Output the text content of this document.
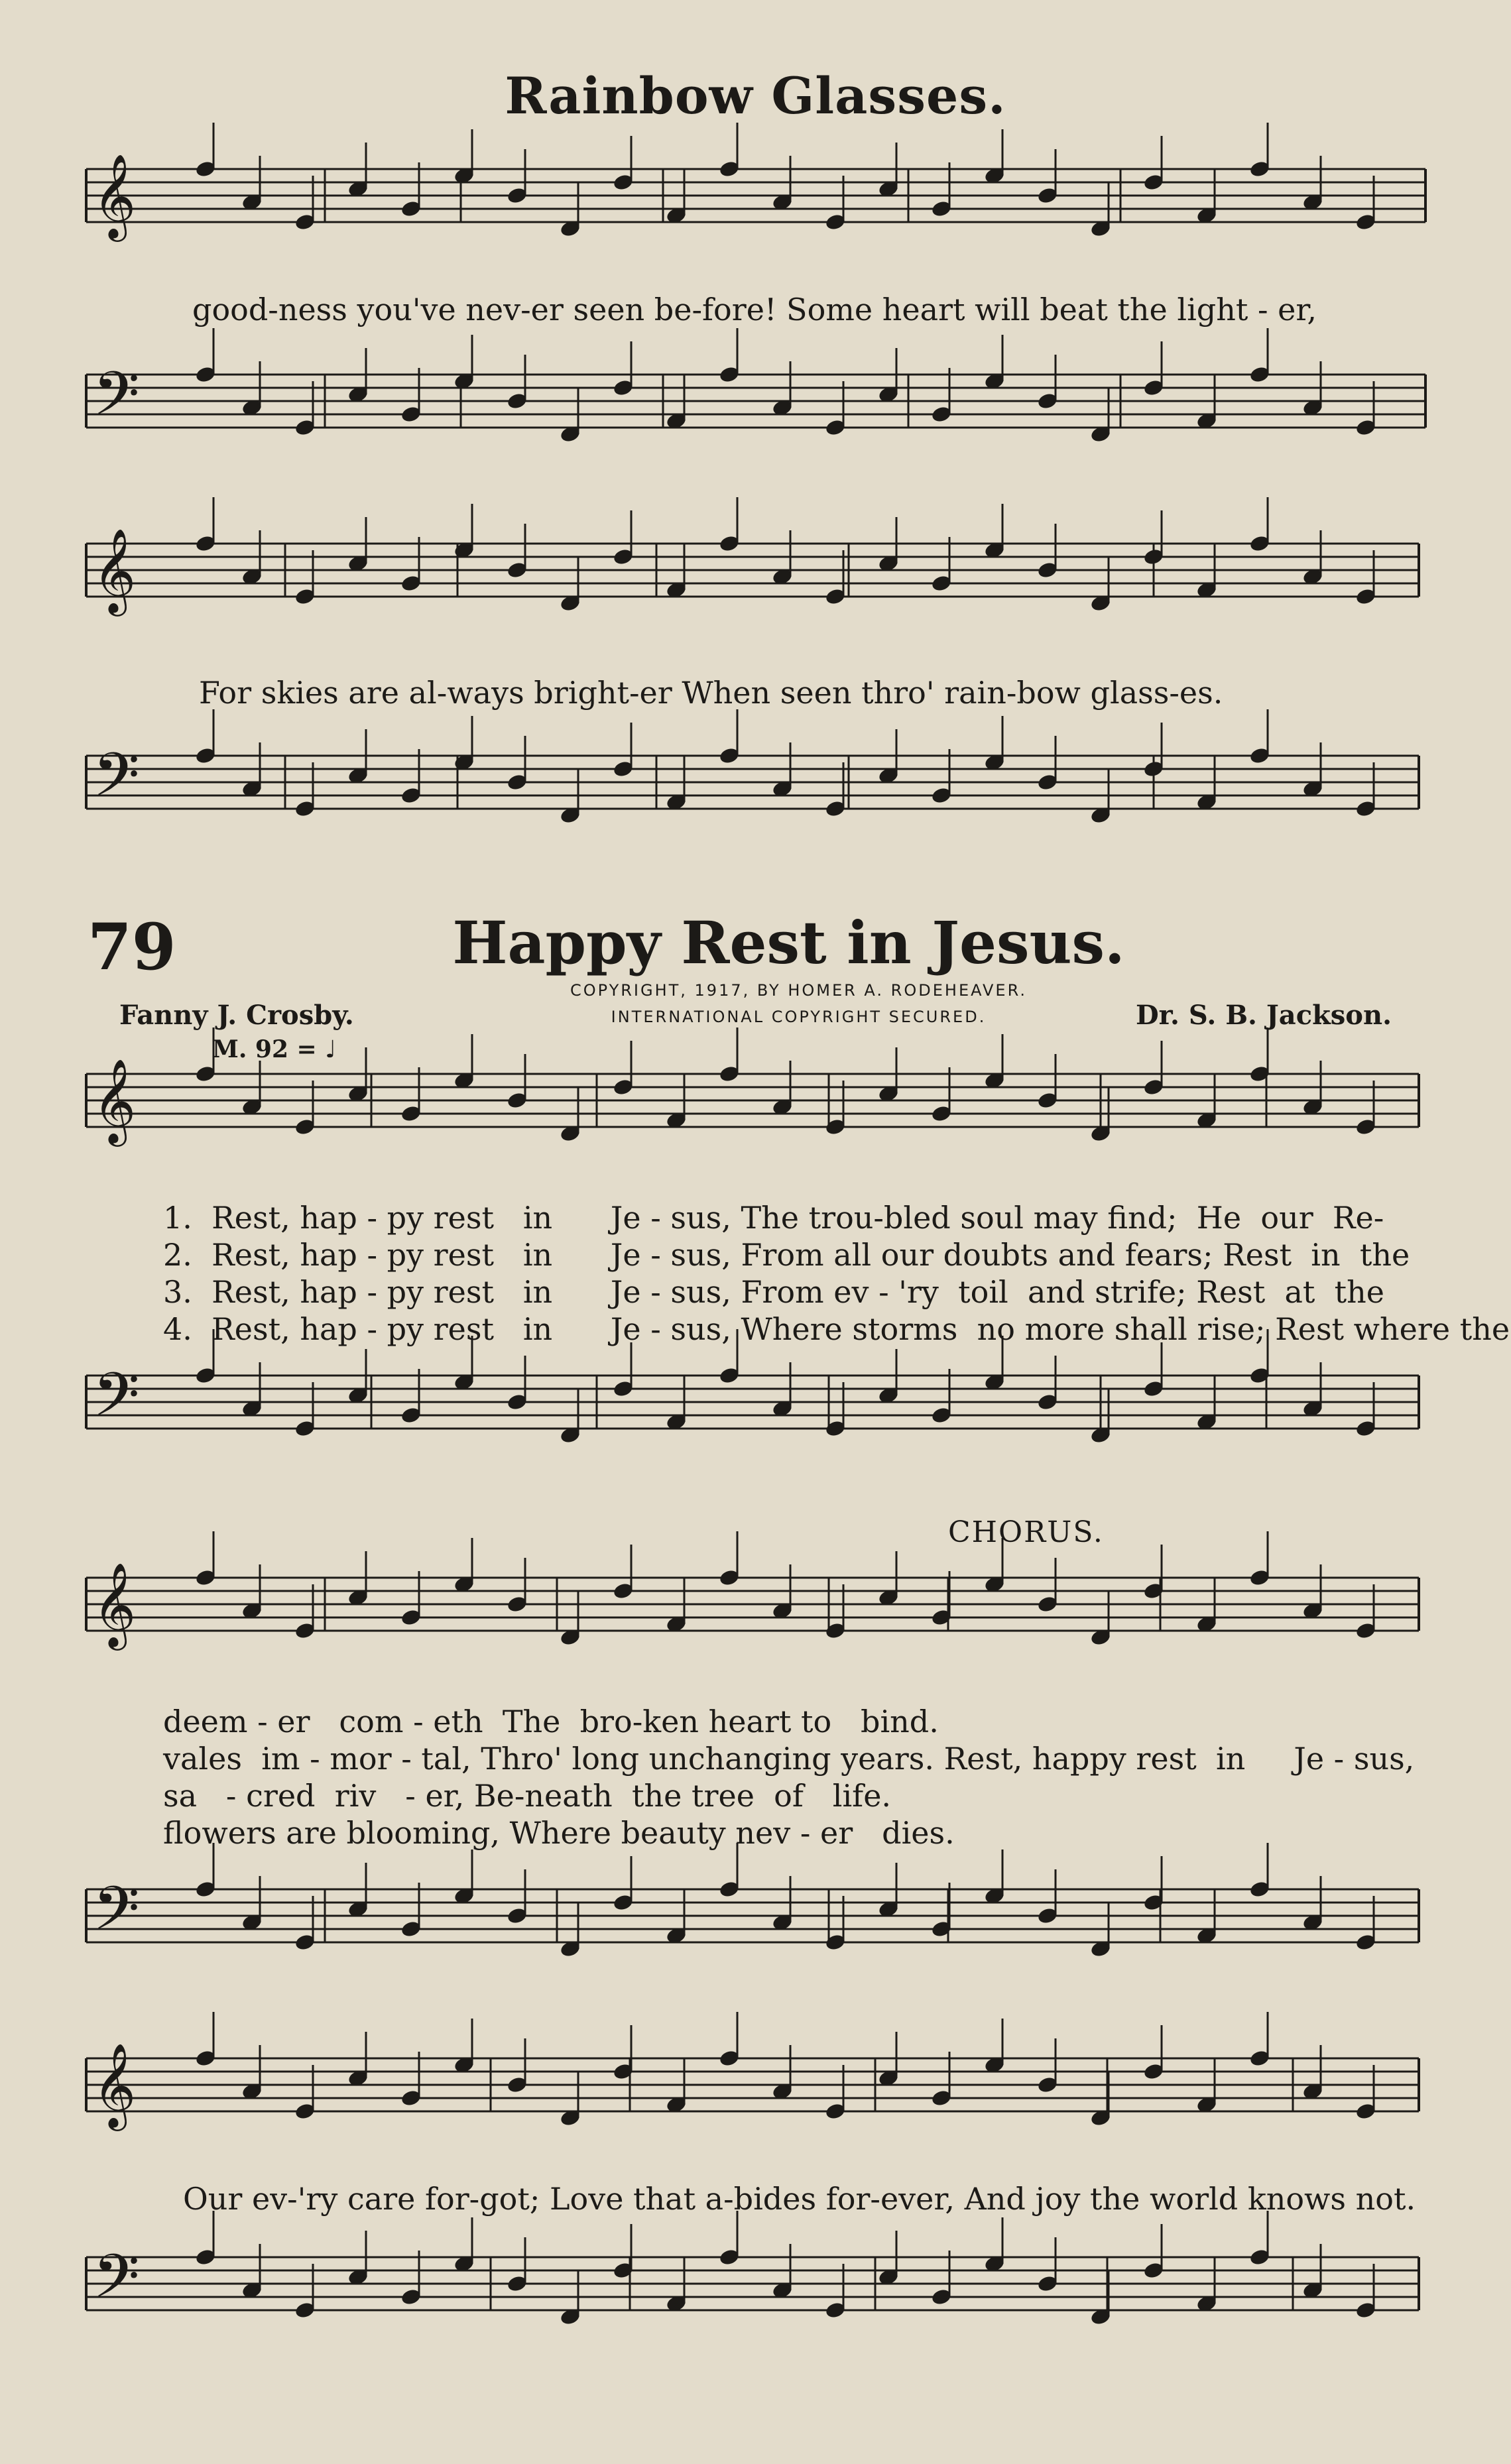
𝄞
𝄢
𝄞
𝄢
𝄞
𝄢
𝄞
𝄢
𝄞
𝄢
Rainbow Glasses.
good-ness you've nev-er seen be-fore! Some heart will beat the light - er,
For skies are al-ways bright-er When seen thro' rain-bow glass-es.
79	Happy Rest in Jesus.
COPYRIGHT, 1917, BY HOMER A. RODEHEAVER.
INTERNATIONAL COPYRIGHT SECURED.
Fanny J. Crosby.	Dr. S. B. Jackson.
M. 92 = ♩
1.  Rest, hap - py rest   in      Je - sus, The trou-bled soul may find;  He  our  Re-
2.  Rest, hap - py rest   in      Je - sus, From all our doubts and fears; Rest  in  the
3.  Rest, hap - py rest   in      Je - sus, From ev - 'ry  toil  and strife; Rest  at  the
4.  Rest, hap - py rest   in      Je - sus, Where storms  no more shall rise; Rest where the
CHORUS.
deem - er   com - eth  The  bro-ken heart to   bind.
vales  im - mor - tal, Thro' long unchanging years. Rest, happy rest  in     Je - sus,
sa   - cred  riv   - er, Be-neath  the tree  of   life.
flowers are blooming, Where beauty nev - er   dies.
Our ev-'ry care for-got; Love that a-bides for-ever, And joy the world knows not.
